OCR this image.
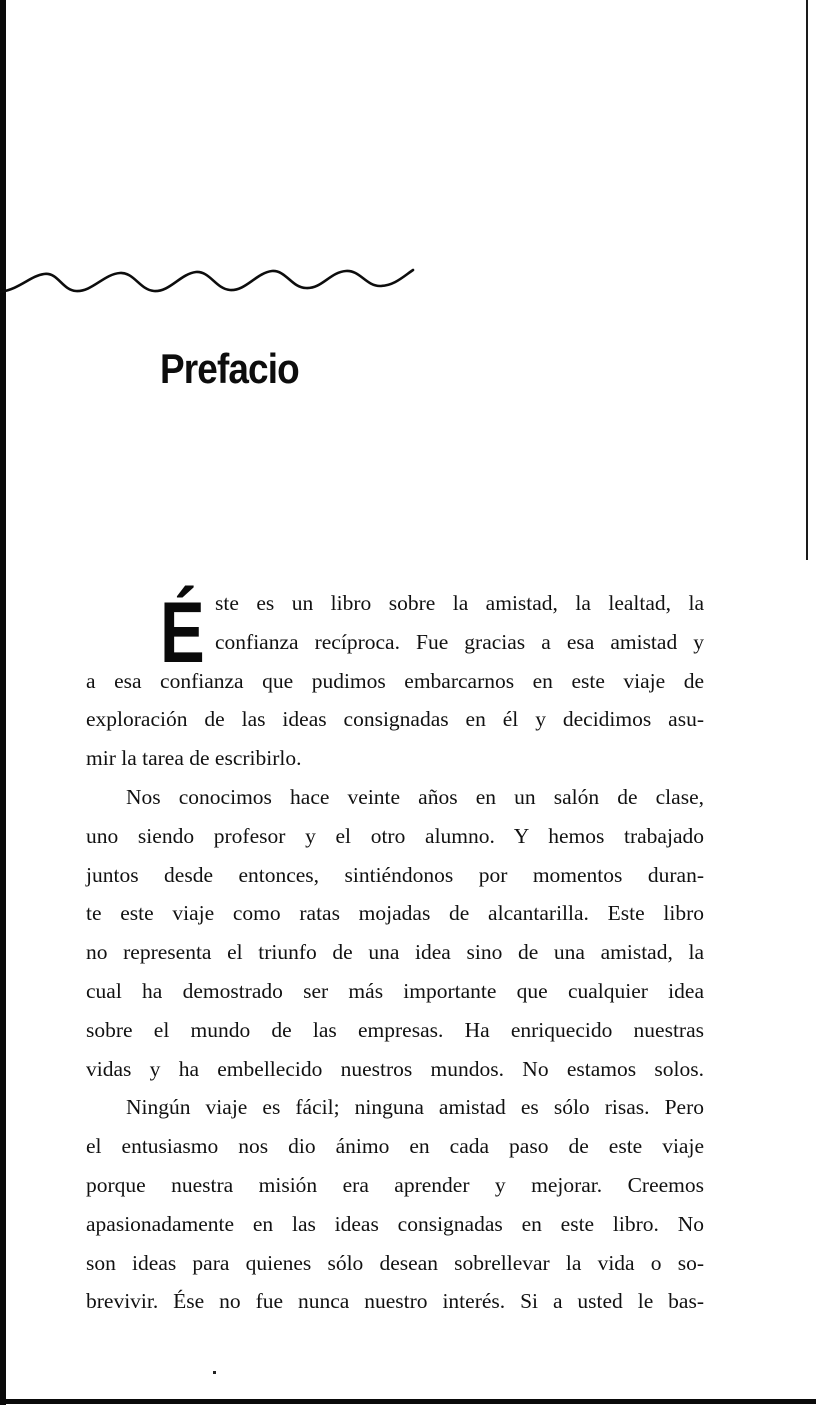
Prefacio
É ste es un libro sobre la amistad, la lealtad, la
confianza recíproca. Fue gracias a esa amistad y
a esa confianza que pudimos embarcarnos en este viaje de
exploración de las ideas consignadas en él y decidimos asu-
mir la tarea de escribirlo.
Nos conocimos hace veinte años en un salón de clase,
uno siendo profesor y el otro alumno. Y hemos trabajado
juntos desde entonces, sintiéndonos por momentos duran-
te este viaje como ratas mojadas de alcantarilla. Este libro
no representa el triunfo de una idea sino de una amistad, la
cual ha demostrado ser más importante que cualquier idea
sobre el mundo de las empresas. Ha enriquecido nuestras
vidas y ha embellecido nuestros mundos. No estamos solos.
Ningún viaje es fácil; ninguna amistad es sólo risas. Pero
el entusiasmo nos dio ánimo en cada paso de este viaje
porque nuestra misión era aprender y mejorar. Creemos
apasionadamente en las ideas consignadas en este libro. No
son ideas para quienes sólo desean sobrellevar la vida o so-
brevivir. Ése no fue nunca nuestro interés. Si a usted le bas-
